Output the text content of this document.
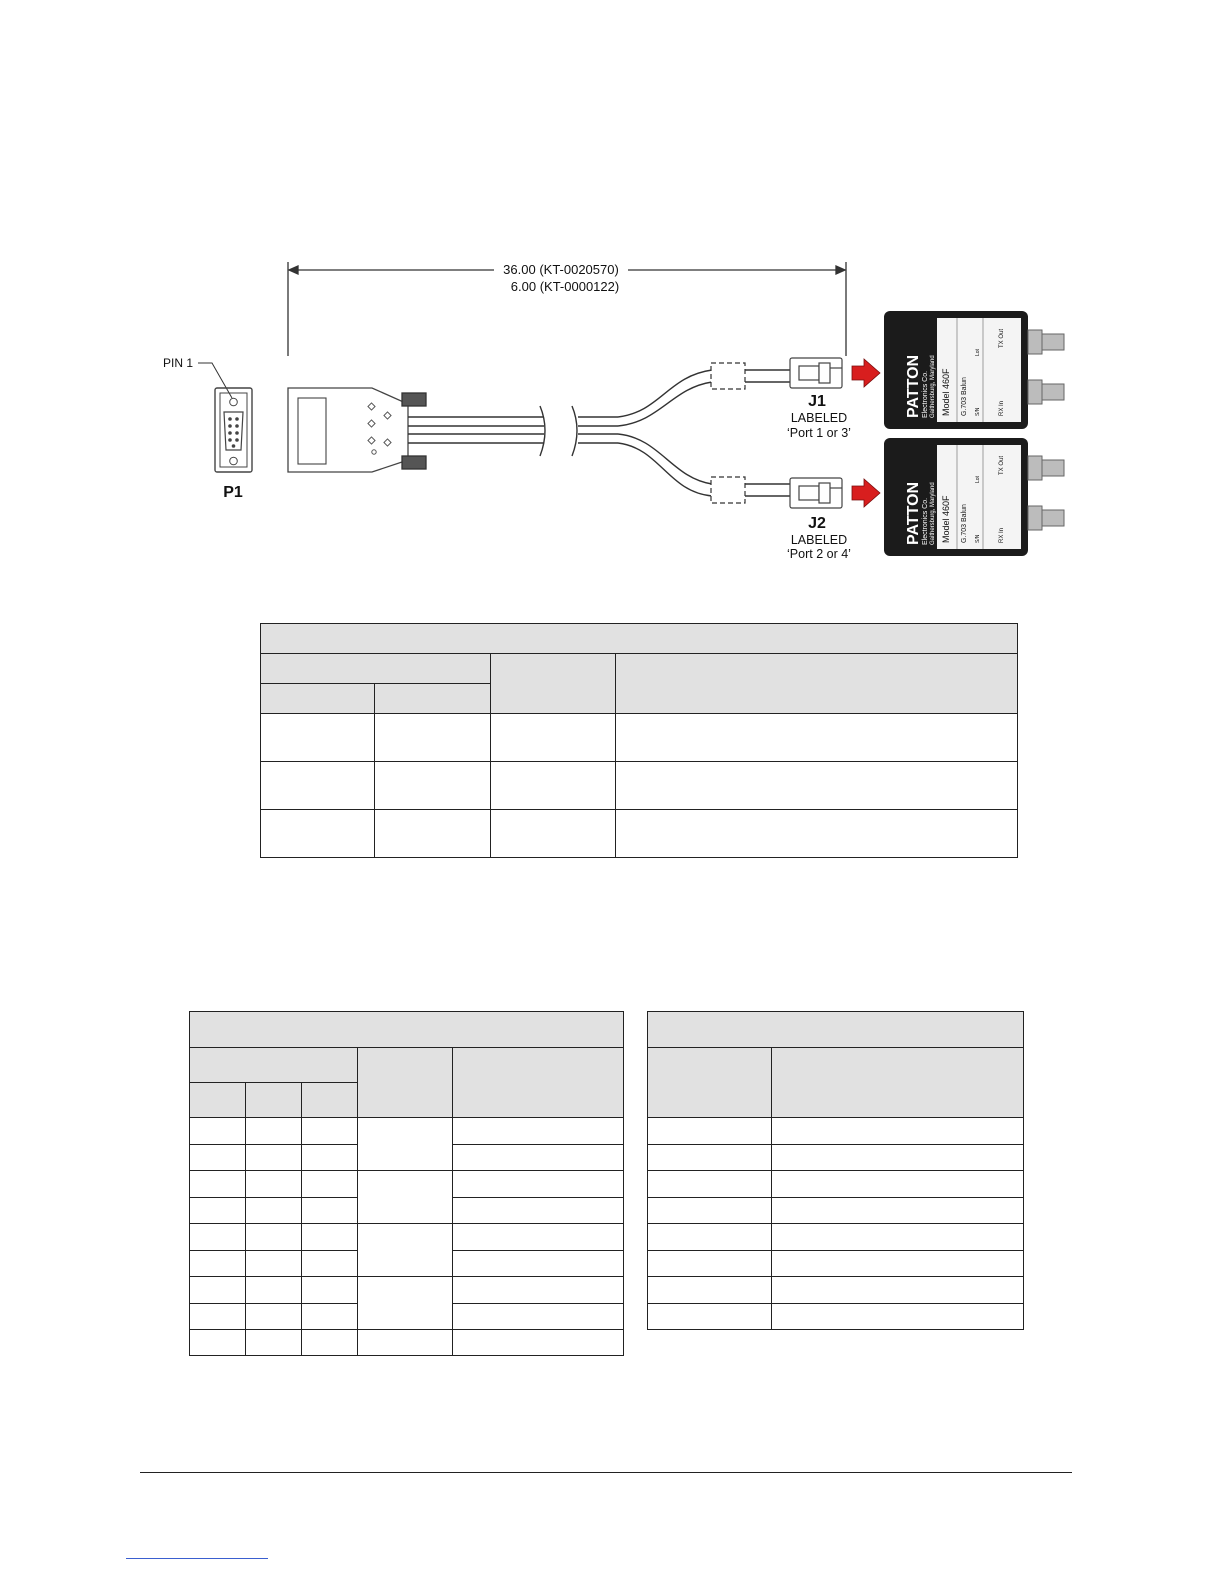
36.00 (KT-0020570)
6.00 (KT-0000122)
PIN 1
P1
J1
LABELED
‘Port 1 or 3’
J2
LABELED
‘Port 2 or 4’
PATTON Electronics Co. Gaithersburg, Maryland Model 460F G.703 Balun S/N
Lot
RX In
TX Out
PATTON Electronics Co. Gaithersburg, Maryland Model 460F G.703 Balun S/N
Lot
RX In
TX Out
